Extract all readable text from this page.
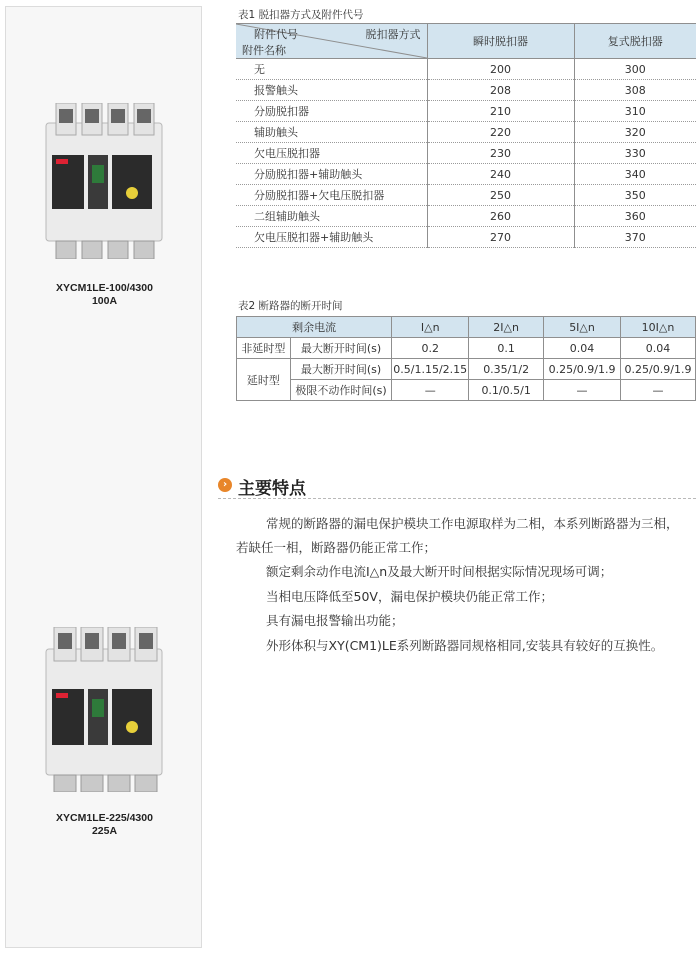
XYCM1LE-100/4300
100A
XYCM1LE-225/4300
225A
表1 脱扣器方式及附件代号
附件代号 脱扣器方式
附件名称	瞬时脱扣器	复式脱扣器
无	200	300
报警触头	208	308
分励脱扣器	210	310
辅助触头	220	320
欠电压脱扣器	230	330
分励脱扣器+辅助触头	240	340
分励脱扣器+欠电压脱扣器	250	350
二组辅助触头	260	360
欠电压脱扣器+辅助触头	270	370
表2 断路器的断开时间
剩余电流		I△n	2I△n	5I△n	10I△n
非延时型	最大断开时间(s)	0.2	0.1	0.04	0.04
延时型	最大断开时间(s)	0.5/1.15/2.15	0.35/1/2	0.25/0.9/1.9	0.25/0.9/1.9
	极限不动作时间(s)	—	0.1/0.5/1	—	—
› 主要特点

常规的断路器的漏电保护模块工作电源取样为二相，本系列断路器为三相，

若缺任一相，断路器仍能正常工作；

额定剩余动作电流I△n及最大断开时间根据实际情况现场可调；

当相电压降低至50V，漏电保护模块仍能正常工作；

具有漏电报警输出功能；

外形体积与XY(CM1)LE系列断路器同规格相同,安装具有较好的互换性。
